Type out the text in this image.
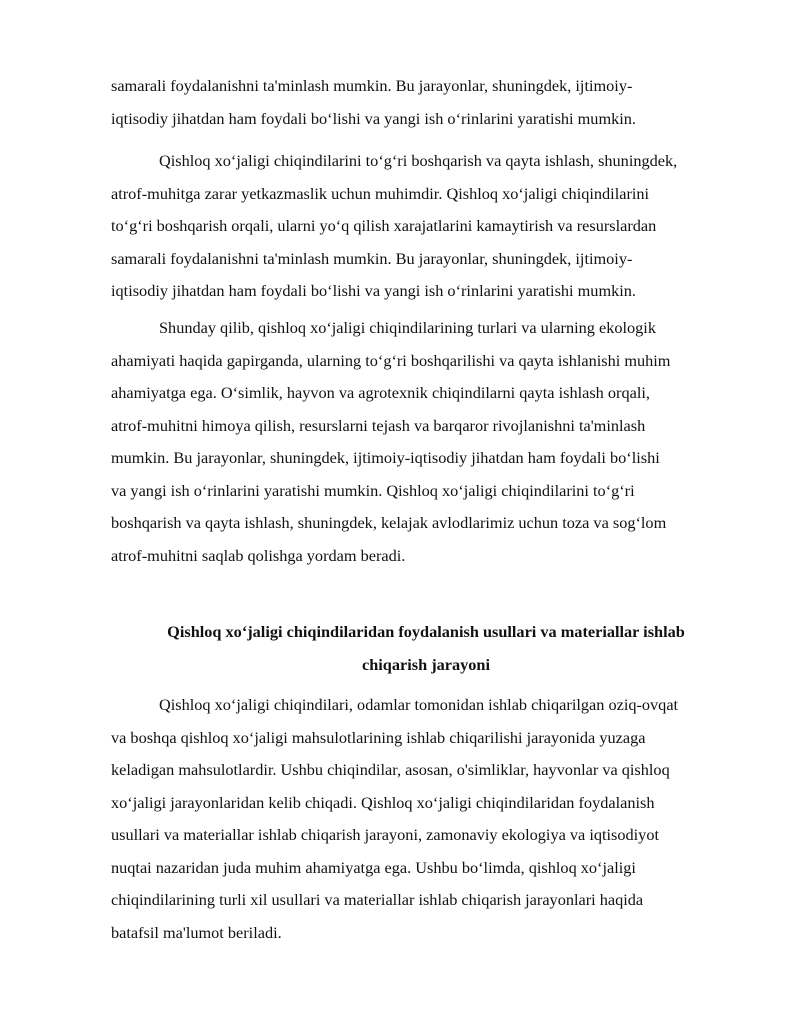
samarali foydalanishni ta'minlash mumkin. Bu jarayonlar, shuningdek, ijtimoiy-
iqtisodiy jihatdan ham foydali bo‘lishi va yangi ish o‘rinlarini yaratishi mumkin.

Qishloq xo‘jaligi chiqindilarini to‘g‘ri boshqarish va qayta ishlash, shuningdek,
atrof-muhitga zarar yetkazmaslik uchun muhimdir. Qishloq xo‘jaligi chiqindilarini
to‘g‘ri boshqarish orqali, ularni yo‘q qilish xarajatlarini kamaytirish va resurslardan
samarali foydalanishni ta'minlash mumkin. Bu jarayonlar, shuningdek, ijtimoiy-
iqtisodiy jihatdan ham foydali bo‘lishi va yangi ish o‘rinlarini yaratishi mumkin.

Shunday qilib, qishloq xo‘jaligi chiqindilarining turlari va ularning ekologik
ahamiyati haqida gapirganda, ularning to‘g‘ri boshqarilishi va qayta ishlanishi muhim
ahamiyatga ega. O‘simlik, hayvon va agrotexnik chiqindilarni qayta ishlash orqali,
atrof-muhitni himoya qilish, resurslarni tejash va barqaror rivojlanishni ta'minlash
mumkin. Bu jarayonlar, shuningdek, ijtimoiy-iqtisodiy jihatdan ham foydali bo‘lishi
va yangi ish o‘rinlarini yaratishi mumkin. Qishloq xo‘jaligi chiqindilarini to‘g‘ri
boshqarish va qayta ishlash, shuningdek, kelajak avlodlarimiz uchun toza va sog‘lom
atrof-muhitni saqlab qolishga yordam beradi.

Qishloq xo‘jaligi chiqindilaridan foydalanish usullari va materiallar ishlab
chiqarish jarayoni

Qishloq xo‘jaligi chiqindilari, odamlar tomonidan ishlab chiqarilgan oziq-ovqat
va boshqa qishloq xo‘jaligi mahsulotlarining ishlab chiqarilishi jarayonida yuzaga
keladigan mahsulotlardir. Ushbu chiqindilar, asosan, o'simliklar, hayvonlar va qishloq
xo‘jaligi jarayonlaridan kelib chiqadi. Qishloq xo‘jaligi chiqindilaridan foydalanish
usullari va materiallar ishlab chiqarish jarayoni, zamonaviy ekologiya va iqtisodiyot
nuqtai nazaridan juda muhim ahamiyatga ega. Ushbu bo‘limda, qishloq xo‘jaligi
chiqindilarining turli xil usullari va materiallar ishlab chiqarish jarayonlari haqida
batafsil ma'lumot beriladi.
